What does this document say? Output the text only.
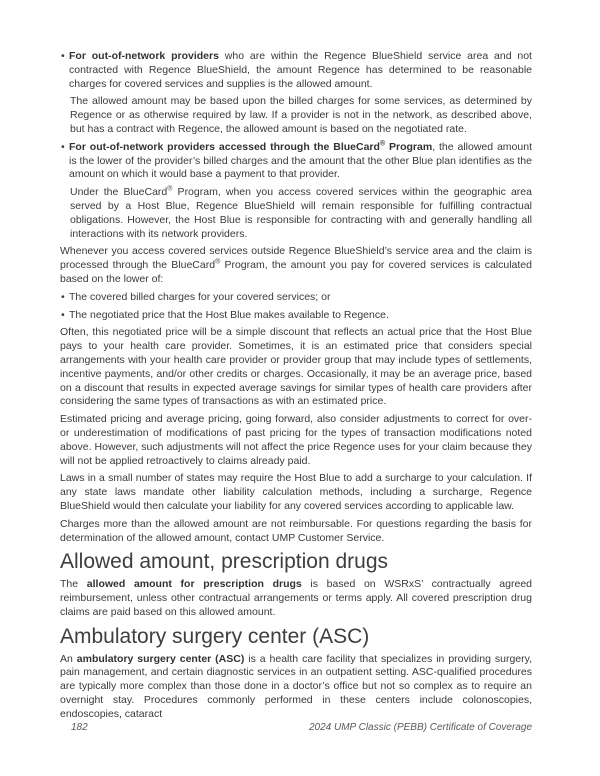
• For out-of-network providers who are within the Regence BlueShield service area and not contracted with Regence BlueShield, the amount Regence has determined to be reasonable charges for covered services and supplies is the allowed amount.

The allowed amount may be based upon the billed charges for some services, as determined by Regence or as otherwise required by law. If a provider is not in the network, as described above, but has a contract with Regence, the allowed amount is based on the negotiated rate.

• For out-of-network providers accessed through the BlueCard® Program, the allowed amount is the lower of the provider’s billed charges and the amount that the other Blue plan identifies as the amount on which it would base a payment to that provider.

Under the BlueCard® Program, when you access covered services within the geographic area served by a Host Blue, Regence BlueShield will remain responsible for fulfilling contractual obligations. However, the Host Blue is responsible for contracting with and generally handling all interactions with its network providers.

Whenever you access covered services outside Regence BlueShield’s service area and the claim is processed through the BlueCard® Program, the amount you pay for covered services is calculated based on the lower of:

• The covered billed charges for your covered services; or
• The negotiated price that the Host Blue makes available to Regence.

Often, this negotiated price will be a simple discount that reflects an actual price that the Host Blue pays to your health care provider. Sometimes, it is an estimated price that considers special arrangements with your health care provider or provider group that may include types of settlements, incentive payments, and/or other credits or charges. Occasionally, it may be an average price, based on a discount that results in expected average savings for similar types of health care providers after considering the same types of transactions as with an estimated price.

Estimated pricing and average pricing, going forward, also consider adjustments to correct for over- or underestimation of modifications of past pricing for the types of transaction modifications noted above. However, such adjustments will not affect the price Regence uses for your claim because they will not be applied retroactively to claims already paid.

Laws in a small number of states may require the Host Blue to add a surcharge to your calculation. If any state laws mandate other liability calculation methods, including a surcharge, Regence BlueShield would then calculate your liability for any covered services according to applicable law.

Charges more than the allowed amount are not reimbursable. For questions regarding the basis for determination of the allowed amount, contact UMP Customer Service.

Allowed amount, prescription drugs

The allowed amount for prescription drugs is based on WSRxS’ contractually agreed reimbursement, unless other contractual arrangements or terms apply. All covered prescription drug claims are paid based on this allowed amount.

Ambulatory surgery center (ASC)

An ambulatory surgery center (ASC) is a health care facility that specializes in providing surgery, pain management, and certain diagnostic services in an outpatient setting. ASC-qualified procedures are typically more complex than those done in a doctor’s office but not so complex as to require an overnight stay. Procedures commonly performed in these centers include colonoscopies, endoscopies, cataract

182	2024 UMP Classic (PEBB) Certificate of Coverage
